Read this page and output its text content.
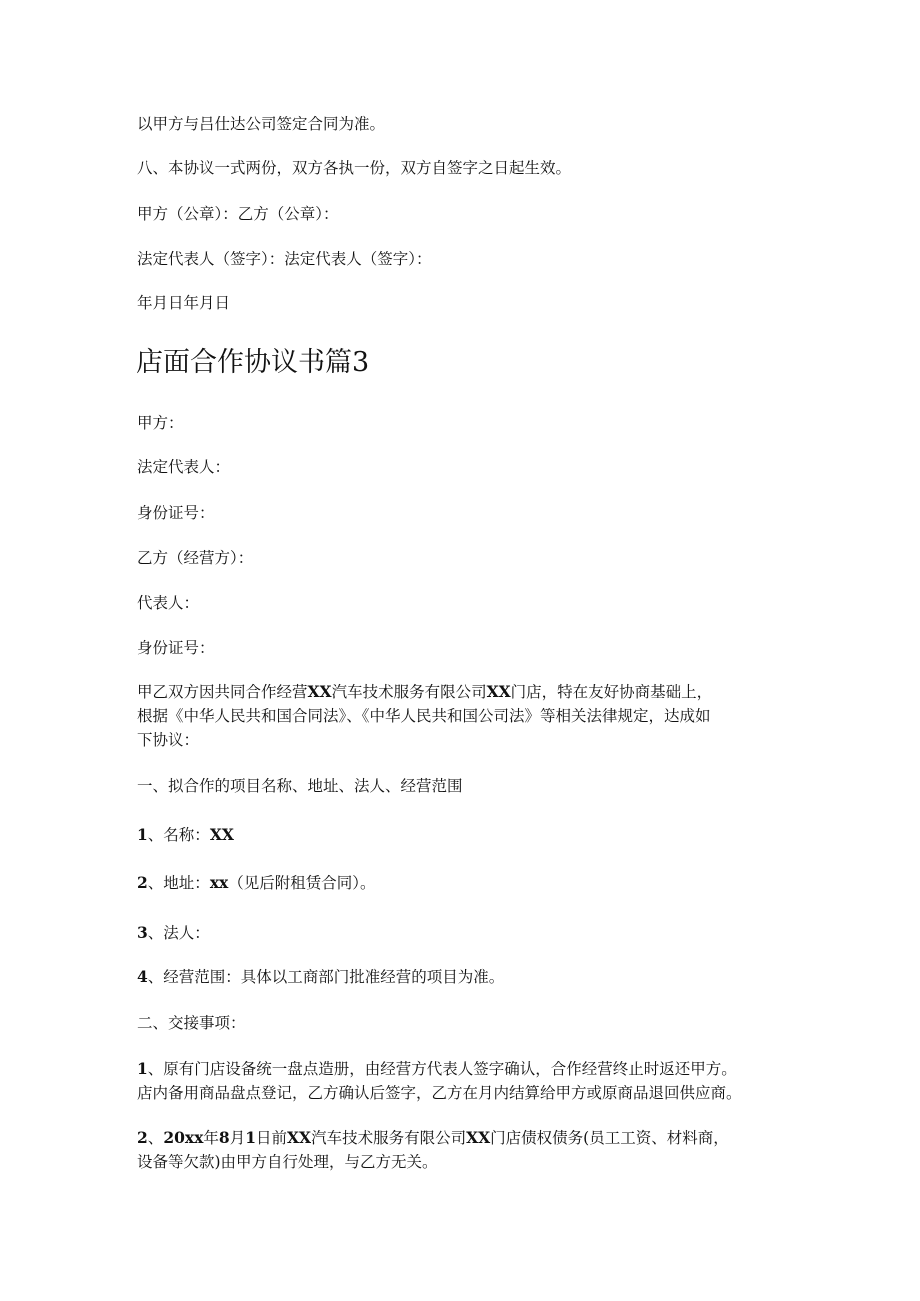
以甲方与吕仕达公司签定合同为准。
八、本协议一式两份，双方各执一份，双方自签字之日起生效。
甲方（公章）：乙方（公章）：
法定代表人（签字）：法定代表人（签字）：
年月日年月日
店面合作协议书篇3
甲方：
法定代表人：
身份证号：
乙方（经营方）：
代表人：
身份证号：
甲乙双方因共同合作经营XX汽车技术服务有限公司XX门店，特在友好协商基础上，
根据《中华人民共和国合同法》、《中华人民共和国公司法》等相关法律规定，达成如
下协议：
一、拟合作的项目名称、地址、法人、经营范围
1、名称：XX
2、地址：xx（见后附租赁合同）。
3、法人：
4、经营范围：具体以工商部门批准经营的项目为准。
二、交接事项：
1、原有门店设备统一盘点造册，由经营方代表人签字确认，合作经营终止时返还甲方。
店内备用商品盘点登记，乙方确认后签字，乙方在月内结算给甲方或原商品退回供应商。
2、20xx年8月1日前XX汽车技术服务有限公司XX门店债权债务(员工工资、材料商，
设备等欠款)由甲方自行处理，与乙方无关。
